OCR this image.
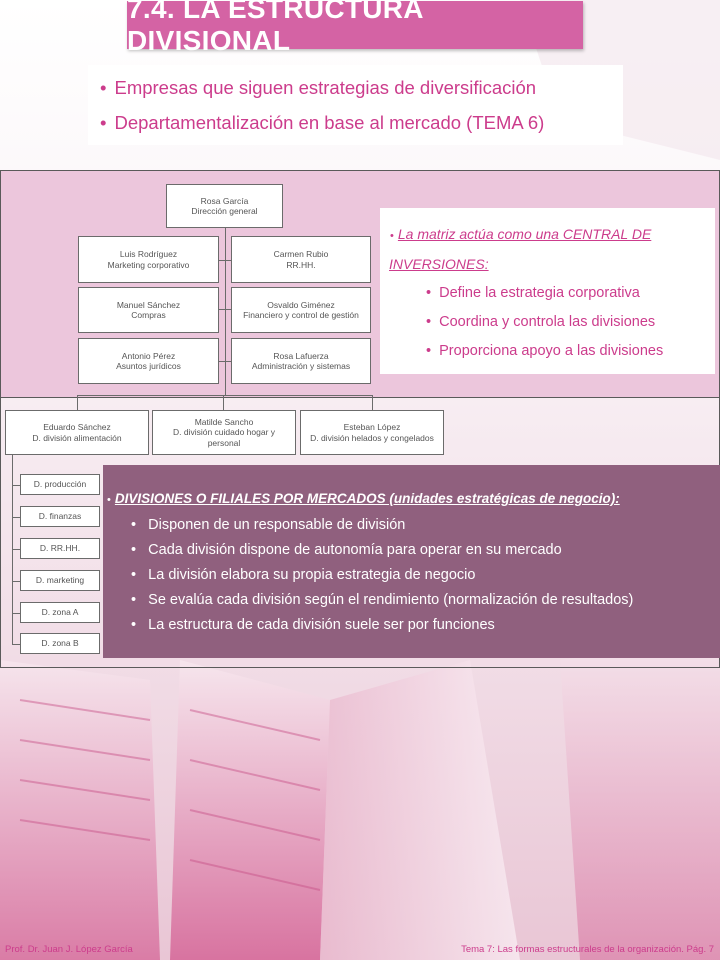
7.4. LA ESTRUCTURA DIVISIONAL
• Empresas que siguen estrategias de diversificación
• Departamentalización en base al mercado (TEMA 6)
Rosa García
Dirección general
Luis Rodríguez
Marketing corporativo
Manuel Sánchez
Compras
Antonio Pérez
Asuntos jurídicos
Carmen Rubio
RR.HH.
Osvaldo Giménez
Financiero y control de gestión
Rosa Lafuerza
Administración y sistemas
Eduardo Sánchez
D. división alimentación
Matilde Sancho
D. división cuidado hogar y personal
Esteban López
D. división helados y congelados
D. producción
D. finanzas
D. RR.HH.
D. marketing
D. zona A
D. zona B
• La matriz actúa como una CENTRAL DE
INVERSIONES:
• Define la estrategia corporativa
• Coordina y controla las divisiones
• Proporciona apoyo a las divisiones
• DIVISIONES O FILIALES POR MERCADOS (unidades estratégicas de negocio):
• Disponen de un responsable de división
• Cada división dispone de autonomía para operar en su mercado
• La división elabora su propia estrategia de negocio
• Se evalúa cada división según el rendimiento (normalización de resultados)
• La estructura de cada división suele ser por funciones
Prof. Dr. Juan J. López García	Tema 7: Las formas estructurales de la organización. Pág. 7
